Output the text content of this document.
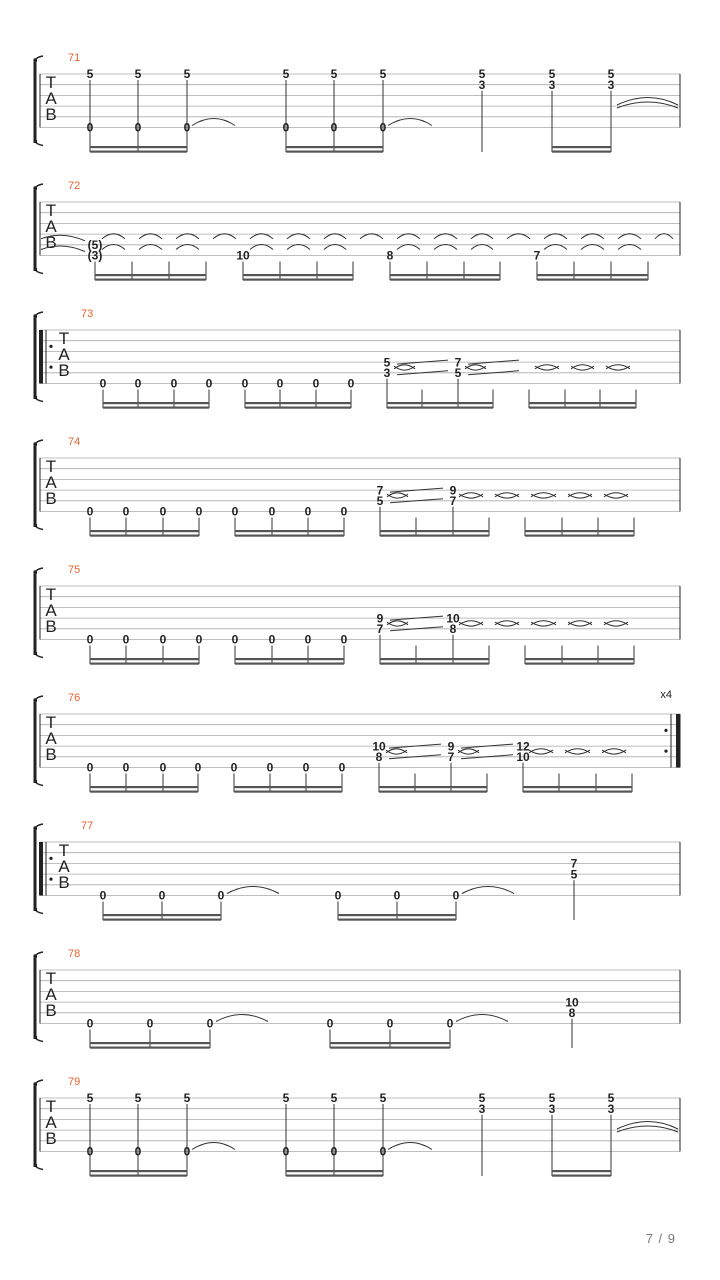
T
A
B
71
5	5	5	5	5	5
3
5
3
5
3
5
T
A
B
72
(5)
(3)	10	8	7
T
A
B
73
0 0 0 0 0 0 0 0
5
3
7
5
T
A
B
74
0 0	0 0 0	0 0 0
7
5
9
7
T
A
B
75
0 0	0 0 0	0 0 0
9
7
10
8
x4
T
A
B
76
0 0	0 0 0 0 0 0
10
8
9
7
12
10
T
A
B
77
0	0	0	0	0	0
7
5
T
A
B
78
0	0	0	0	0	0
10
8
T
A
B
79
5	5	5	5	5	5
3
5
3
5
3
5
0	0	0	0	0	0
0	0	0	0	0	0
7 / 9
